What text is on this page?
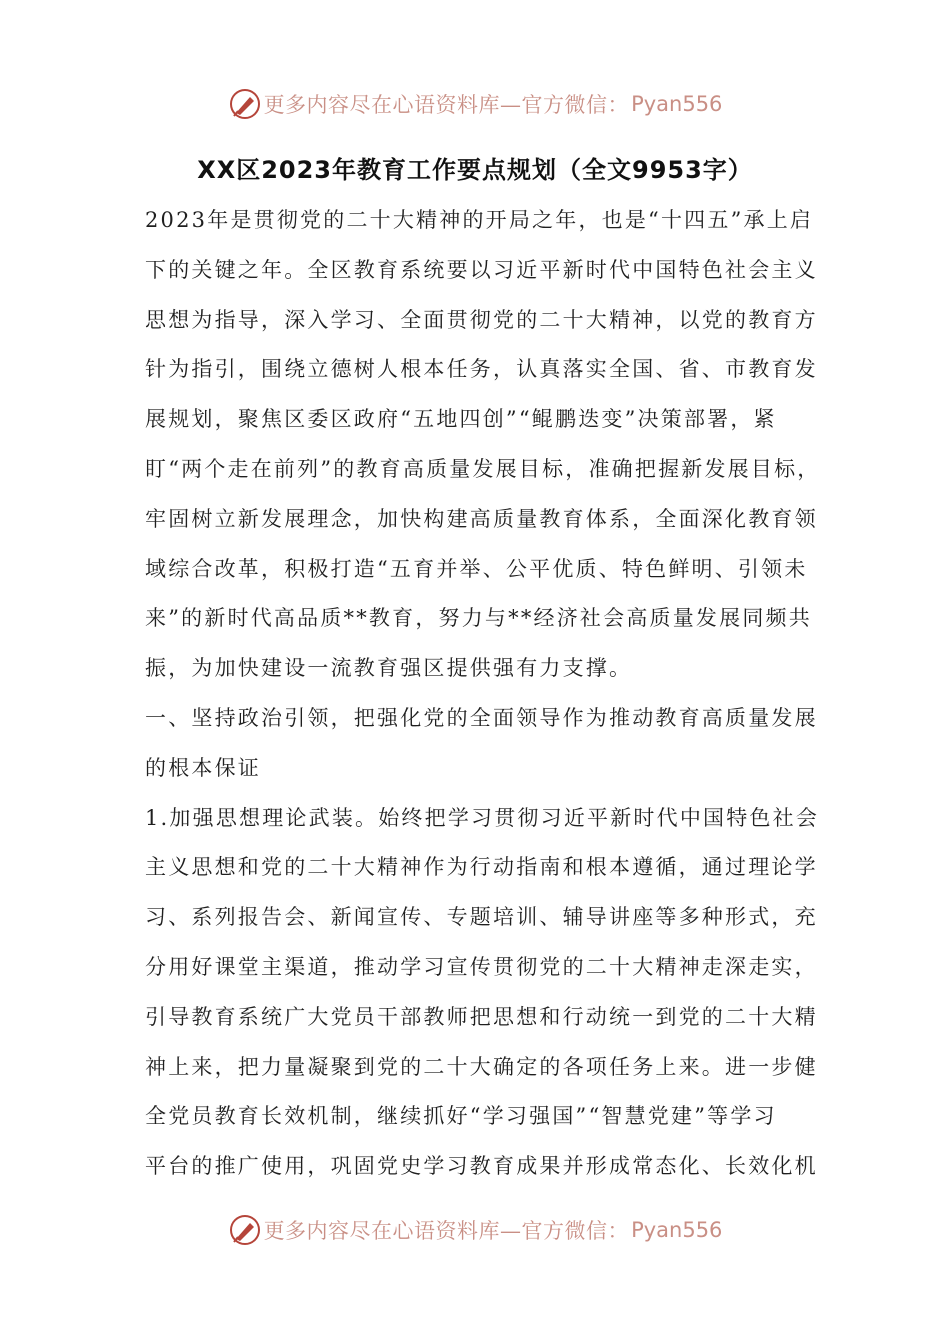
更多内容尽在心语资料库—官方微信： Pyan556
XX区2023年教育工作要点规划（全文9953字）
2023年是贯彻党的二十大精神的开局之年，也是“十四五”承上启
下的关键之年。全区教育系统要以习近平新时代中国特色社会主义
思想为指导，深入学习、全面贯彻党的二十大精神，以党的教育方
针为指引，围绕立德树人根本任务，认真落实全国、省、市教育发
展规划，聚焦区委区政府“五地四创”“鲲鹏迭变”决策部署，紧
盯“两个走在前列”的教育高质量发展目标，准确把握新发展目标，
牢固树立新发展理念，加快构建高质量教育体系，全面深化教育领
域综合改革，积极打造“五育并举、公平优质、特色鲜明、引领未
来”的新时代高品质**教育，努力与**经济社会高质量发展同频共
振，为加快建设一流教育强区提供强有力支撑。
一、坚持政治引领，把强化党的全面领导作为推动教育高质量发展
的根本保证
1.加强思想理论武装。始终把学习贯彻习近平新时代中国特色社会
主义思想和党的二十大精神作为行动指南和根本遵循，通过理论学
习、系列报告会、新闻宣传、专题培训、辅导讲座等多种形式，充
分用好课堂主渠道，推动学习宣传贯彻党的二十大精神走深走实，
引导教育系统广大党员干部教师把思想和行动统一到党的二十大精
神上来，把力量凝聚到党的二十大确定的各项任务上来。进一步健
全党员教育长效机制，继续抓好“学习强国”“智慧党建”等学习
平台的推广使用，巩固党史学习教育成果并形成常态化、长效化机
更多内容尽在心语资料库—官方微信： Pyan556
